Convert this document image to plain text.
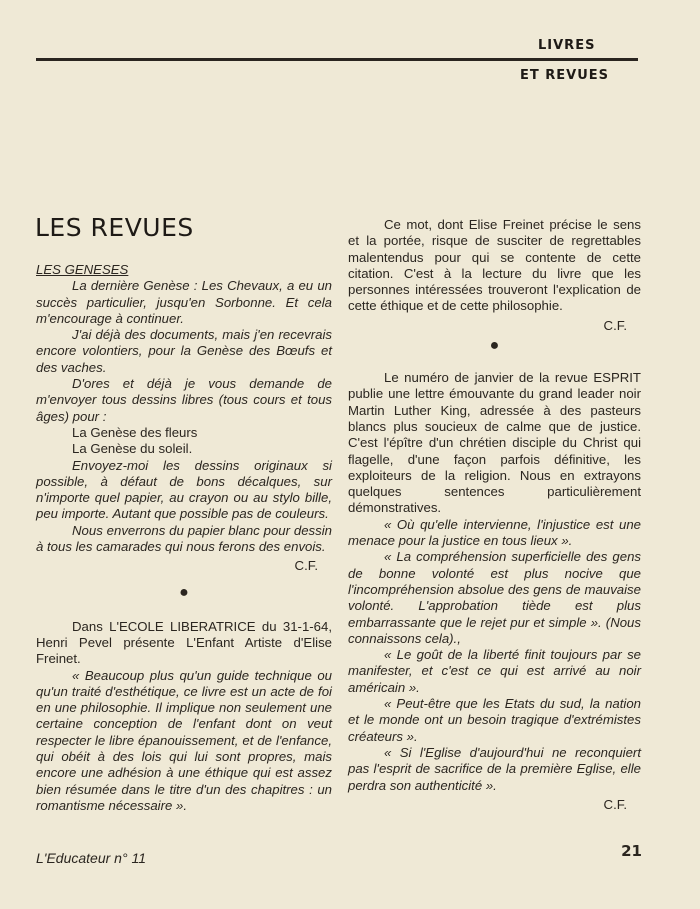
LIVRES
ET REVUES
LES REVUES

LES GENESES

La dernière Genèse : Les Chevaux, a eu un succès particulier, jusqu'en Sorbonne. Et cela m'encourage à continuer.

J'ai déjà des documents, mais j'en recevrais encore volontiers, pour la Genèse des Bœufs et des vaches.

D'ores et déjà je vous demande de m'envoyer tous dessins libres (tous cours et tous âges) pour :

La Genèse des fleurs

La Genèse du soleil.

Envoyez-moi les dessins originaux si possible, à défaut de bons décalques, sur n'importe quel papier, au crayon ou au stylo bille, peu importe. Autant que possible pas de couleurs.

Nous enverrons du papier blanc pour dessin à tous les camarades qui nous ferons des envois.

C.F.

●

Dans L'ECOLE LIBERATRICE du 31-1-64, Henri Pevel présente L'Enfant Artiste d'Elise Freinet.

« Beaucoup plus qu'un guide technique ou qu'un traité d'esthétique, ce livre est un acte de foi en une philosophie. Il implique non seulement une certaine conception de l'enfant dont on veut respecter le libre épanouissement, et de l'enfance, qui obéit à des lois qui lui sont propres, mais encore une adhésion à une éthique qui est assez bien résumée dans le titre d'un des chapitres : un romantisme nécessaire ».

Ce mot, dont Elise Freinet précise le sens et la portée, risque de susciter de regrettables malentendus pour qui se contente de cette citation. C'est à la lecture du livre que les personnes intéressées trouveront l'explication de cette éthique et de cette philosophie.

C.F.

●

Le numéro de janvier de la revue ESPRIT publie une lettre émouvante du grand leader noir Martin Luther King, adressée à des pasteurs blancs plus soucieux de calme que de justice. C'est l'épître d'un chrétien disciple du Christ qui flagelle, d'une façon parfois définitive, les exploiteurs de la religion. Nous en extrayons quelques sentences particulièrement démonstratives.

« Où qu'elle intervienne, l'injustice est une menace pour la justice en tous lieux ».

« La compréhension superficielle des gens de bonne volonté est plus nocive que l'incompréhension absolue des gens de mauvaise volonté. L'approbation tiède est plus embarrassante que le rejet pur et simple ». (Nous connaissons cela).,

« Le goût de la liberté finit toujours par se manifester, et c'est ce qui est arrivé au noir américain ».

« Peut-être que les Etats du sud, la nation et le monde ont un besoin tragique d'extrémistes créateurs ».

« Si l'Eglise d'aujourd'hui ne reconquiert pas l'esprit de sacrifice de la première Eglise, elle perdra son authenticité ».

C.F.

L'Educateur n° 11	21
